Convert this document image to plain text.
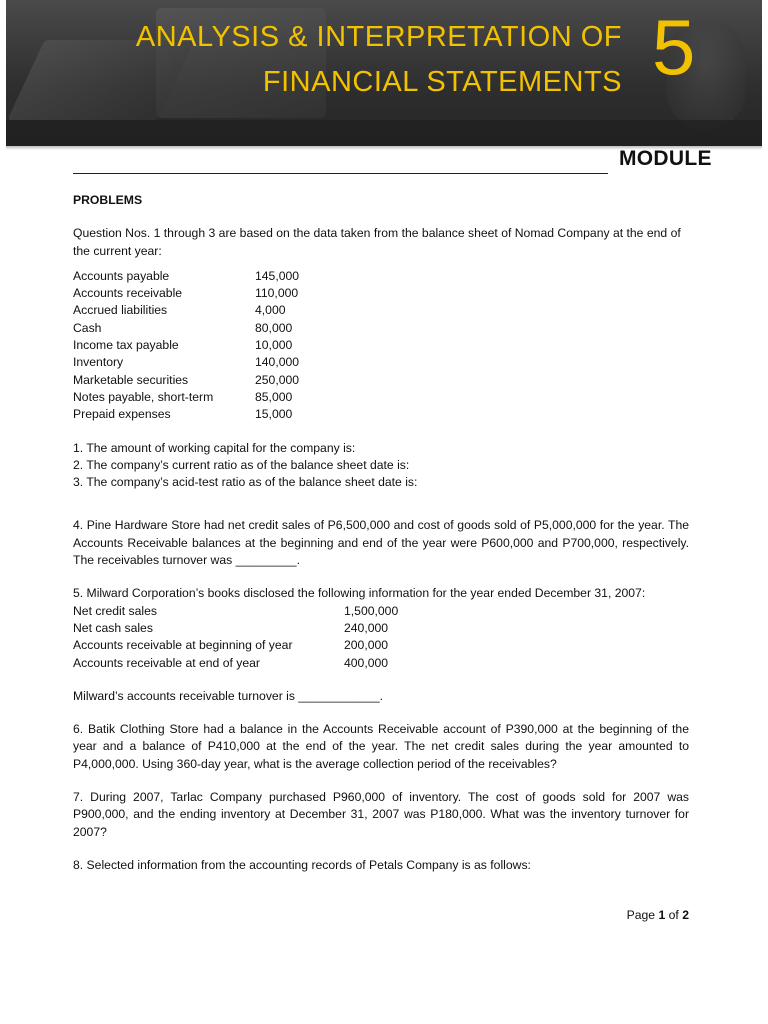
ANALYSIS & INTERPRETATION OF
FINANCIAL STATEMENTS 5
MODULE

PROBLEMS

Question Nos. 1 through 3 are based on the data taken from the balance sheet of Nomad Company at the end of the current year:

Accounts payable	145,000
Accounts receivable	110,000
Accrued liabilities	4,000
Cash	80,000
Income tax payable	10,000
Inventory	140,000
Marketable securities	250,000
Notes payable, short-term	85,000
Prepaid expenses	15,000

1. The amount of working capital for the company is:

2. The company’s current ratio as of the balance sheet date is:

3. The company’s acid-test ratio as of the balance sheet date is:

4. Pine Hardware Store had net credit sales of P6,500,000 and cost of goods sold of P5,000,000 for the year. The Accounts Receivable balances at the beginning and end of the year were P600,000 and P700,000, respectively. The receivables turnover was _________.

5. Milward Corporation’s books disclosed the following information for the year ended December 31, 2007:

Net credit sales	1,500,000
Net cash sales	240,000
Accounts receivable at beginning of year	200,000
Accounts receivable at end of year	400,000

Milward’s accounts receivable turnover is ____________.

6. Batik Clothing Store had a balance in the Accounts Receivable account of P390,000 at the beginning of the year and a balance of P410,000 at the end of the year. The net credit sales during the year amounted to P4,000,000. Using 360-day year, what is the average collection period of the receivables?

7. During 2007, Tarlac Company purchased P960,000 of inventory. The cost of goods sold for 2007 was P900,000, and the ending inventory at December 31, 2007 was P180,000. What was the inventory turnover for 2007?

8. Selected information from the accounting records of Petals Company is as follows:

Page 1 of 2
